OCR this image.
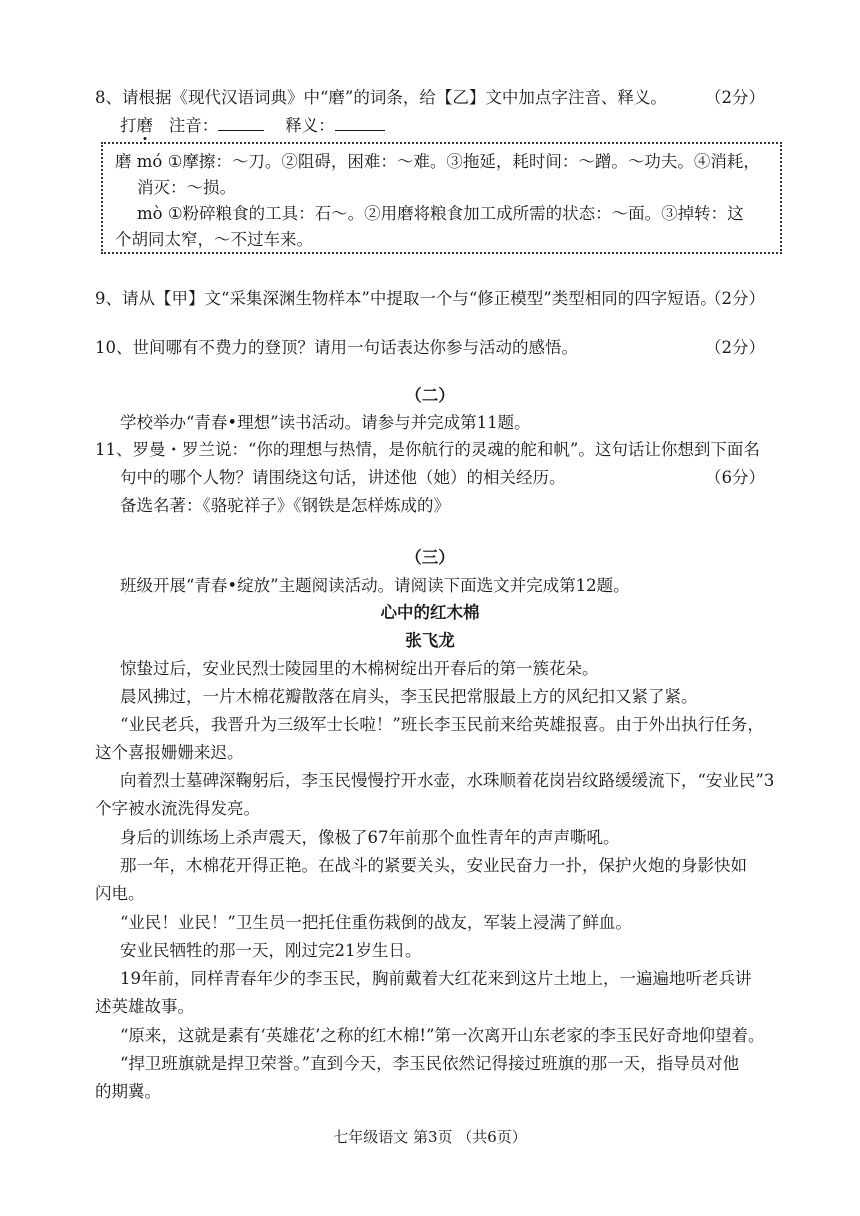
8、请根据《现代汉语词典》中“磨”的词条，给【乙】文中加点字注音、释义。 （2分）
打磨 注音：	释义：
磨 mó ①摩擦：～刀。②阻碍，困难：～难。③拖延，耗时间：～蹭。～功夫。④消耗，
消灭：～损。
mò ①粉碎粮食的工具：石～。②用磨将粮食加工成所需的状态：～面。③掉转：这
个胡同太窄，～不过车来。
9、请从【甲】文“采集深渊生物样本”中提取一个与“修正模型”类型相同的四字短语。
（2分）
10、世间哪有不费力的登顶？请用一句话表达你参与活动的感悟。	（2分）
（二）
学校举办“青春•理想”读书活动。请参与并完成第11题。
11、罗曼・罗兰说：“你的理想与热情，是你航行的灵魂的舵和帆”。这句话让你想到下面名
句中的哪个人物？请围绕这句话，讲述他（她）的相关经历。	（6分）
备选名著：《骆驼祥子》《钢铁是怎样炼成的》
（三）
班级开展“青春•绽放”主题阅读活动。请阅读下面选文并完成第12题。
心中的红木棉
张飞龙
惊蛰过后，安业民烈士陵园里的木棉树绽出开春后的第一簇花朵。
晨风拂过，一片木棉花瓣散落在肩头，李玉民把常服最上方的风纪扣又紧了紧。
“业民老兵，我晋升为三级军士长啦！”班长李玉民前来给英雄报喜。由于外出执行任务，
这个喜报姗姗来迟。
向着烈士墓碑深鞠躬后，李玉民慢慢拧开水壶，水珠顺着花岗岩纹路缓缓流下，“安业民”3
个字被水流洗得发亮。
身后的训练场上杀声震天，像极了67年前那个血性青年的声声嘶吼。
那一年，木棉花开得正艳。在战斗的紧要关头，安业民奋力一扑，保护火炮的身影快如
闪电。
“业民！业民！”卫生员一把托住重伤栽倒的战友，军装上浸满了鲜血。
安业民牺牲的那一天，刚过完21岁生日。
19年前，同样青春年少的李玉民，胸前戴着大红花来到这片土地上，一遍遍地听老兵讲
述英雄故事。
“原来，这就是素有‘英雄花’之称的红木棉!”第一次离开山东老家的李玉民好奇地仰望着。
“捍卫班旗就是捍卫荣誉。”直到今天，李玉民依然记得接过班旗的那一天，指导员对他
的期冀。
七年级语文 第3页 （共6页）
